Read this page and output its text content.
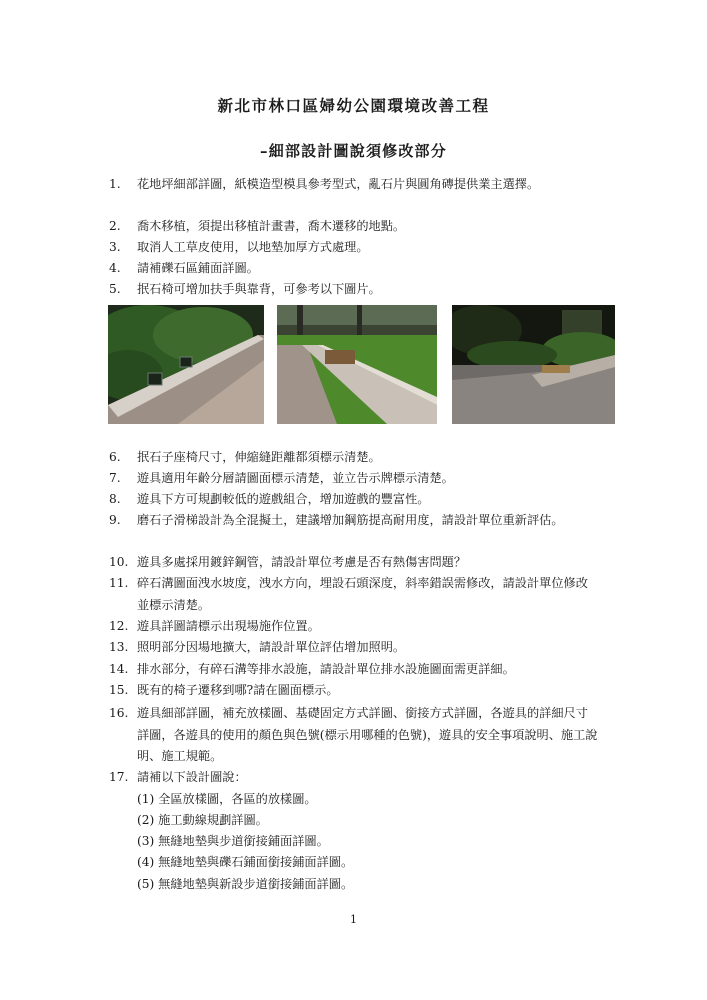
新北市林口區婦幼公園環境改善工程
–細部設計圖說須修改部分
1. 花地坪細部詳圖，紙模造型模具參考型式，亂石片與圓角磚提供業主選擇。
2. 喬木移植，須提出移植計畫書，喬木遷移的地點。
3. 取消人工草皮使用，以地墊加厚方式處理。
4. 請補礫石區鋪面詳圖。
5. 抿石椅可增加扶手與靠背，可參考以下圖片。
6. 抿石子座椅尺寸，伸縮縫距離都須標示清楚。
7. 遊具適用年齡分層請圖面標示清楚，並立告示牌標示清楚。
8. 遊具下方可規劃較低的遊戲組合，增加遊戲的豐富性。
9. 磨石子滑梯設計為全混擬土，建議增加鋼筋提高耐用度，請設計單位重新評估。
10. 遊具多處採用鍍鋅鋼管，請設計單位考慮是否有熱傷害問題？
11. 碎石溝圖面洩水坡度，洩水方向，埋設石頭深度，斜率錯誤需修改，請設計單位修改並標示清楚。
12. 遊具詳圖請標示出現場施作位置。
13. 照明部分因場地擴大，請設計單位評估增加照明。
14. 排水部分，有碎石溝等排水設施，請設計單位排水設施圖面需更詳細。
15. 既有的椅子遷移到哪?請在圖面標示。
16. 遊具細部詳圖，補充放樣圖、基礎固定方式詳圖、銜接方式詳圖，各遊具的詳細尺寸詳圖，各遊具的使用的顏色與色號(標示用哪種的色號)，遊具的安全事項說明、施工說明、施工規範。
17. 請補以下設計圖說：
(1) 全區放樣圖，各區的放樣圖。
(2) 施工動線規劃詳圖。
(3) 無縫地墊與步道銜接鋪面詳圖。
(4) 無縫地墊與礫石鋪面銜接鋪面詳圖。
(5) 無縫地墊與新設步道銜接鋪面詳圖。
1
